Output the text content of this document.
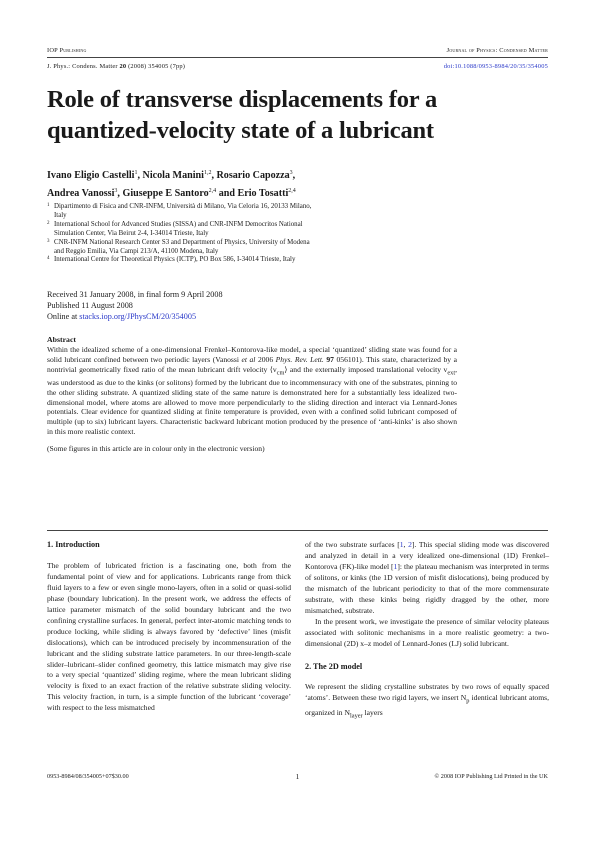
IOP Publishing	Journal of Physics: Condensed Matter
J. Phys.: Condens. Matter 20 (2008) 354005 (7pp)	doi:10.1088/0953-8984/20/35/354005
Role of transverse displacements for a quantized-velocity state of a lubricant
Ivano Eligio Castelli$^1$, Nicola Manini$^{1,2}$, Rosario Capozza$^3$,
Andrea Vanossi$^3$, Giuseppe E Santoro$^{2,4}$ and Erio Tosatti$^{2,4}$
1 Dipartimento di Fisica and CNR-INFM, Università di Milano, Via Celoria 16, 20133 Milano,
Italy
2 International School for Advanced Studies (SISSA) and CNR-INFM Democritos National
Simulation Center, Via Beirut 2-4, I-34014 Trieste, Italy
3 CNR-INFM National Research Center S3 and Department of Physics, University of Modena
and Reggio Emilia, Via Campi 213/A, 41100 Modena, Italy
4 International Centre for Theoretical Physics (ICTP), PO Box 586, I-34014 Trieste, Italy
Received 31 January 2008, in final form 9 April 2008
Published 11 August 2008
Online at stacks.iop.org/JPhysCM/20/354005
Abstract

Within the idealized scheme of a one-dimensional Frenkel–Kontorova-like model, a special ‘quantized’ sliding state was found for a solid lubricant confined between two periodic layers (Vanossi et al 2006 Phys. Rev. Lett. 97 056101). This state, characterized by a nontrivial geometrically fixed ratio of the mean lubricant drift velocity $⟨v_{cm}⟩$ and the externally imposed translational velocity $v_{ext}$, was understood as due to the kinks (or solitons) formed by the lubricant due to incommensuracy with one of the substrates, pinning to the other sliding substrate. A quantized sliding state of the same nature is demonstrated here for a substantially less idealized two-dimensional model, where atoms are allowed to move more perpendicularly to the sliding direction and interact via Lennard-Jones potentials. Clear evidence for quantized sliding at finite temperature is provided, even with a confined solid lubricant composed of multiple (up to six) lubricant layers. Characteristic backward lubricant motion produced by the presence of ‘anti-kinks’ is also shown in this more realistic context.

(Some figures in this article are in colour only in the electronic version)

1. Introduction

The problem of lubricated friction is a fascinating one, both from the fundamental point of view and for applications. Lubricants range from thick fluid layers to a few or even single mono-layers, often in a solid or quasi-solid phase (boundary lubrication). In the present work, we address the effects of lattice parameter mismatch of the solid boundary lubricant and the two confining crystalline surfaces. In general, perfect inter-atomic matching tends to produce locking, while sliding is always favored by ‘defective’ lines (misfit dislocations), which can be introduced precisely by incommensuration of the lubricant and the sliding substrate lattice parameters. In our three-length-scale slider–lubricant–slider confined geometry, this lattice mismatch may give rise to a very special ‘quantized’ sliding regime, where the mean lubricant sliding velocity is fixed to an exact fraction of the relative substrate sliding velocity. This velocity fraction, in turn, is a simple function of the lubricant ‘coverage’ with respect to the less mismatched

of the two substrate surfaces [1, 2]. This special sliding mode was discovered and analyzed in detail in a very idealized one-dimensional (1D) Frenkel–Kontorova (FK)-like model [1]: the plateau mechanism was interpreted in terms of solitons, or kinks (the 1D version of misfit dislocations), being produced by the mismatch of the lubricant periodicity to that of the more commensurate substrate, with these kinks being rigidly dragged by the other, more mismatched, substrate.

In the present work, we investigate the presence of similar velocity plateaus associated with solitonic mechanisms in a more realistic geometry: a two-dimensional (2D) x–z model of Lennard-Jones (LJ) solid lubricant.

2. The 2D model

We represent the sliding crystalline substrates by two rows of equally spaced ‘atoms’. Between these two rigid layers, we insert $N_p$ identical lubricant atoms, organized in $N_{layer}$ layers

0953-8984/08/354005+07$30.00	1	© 2008 IOP Publishing Ltd Printed in the UK
